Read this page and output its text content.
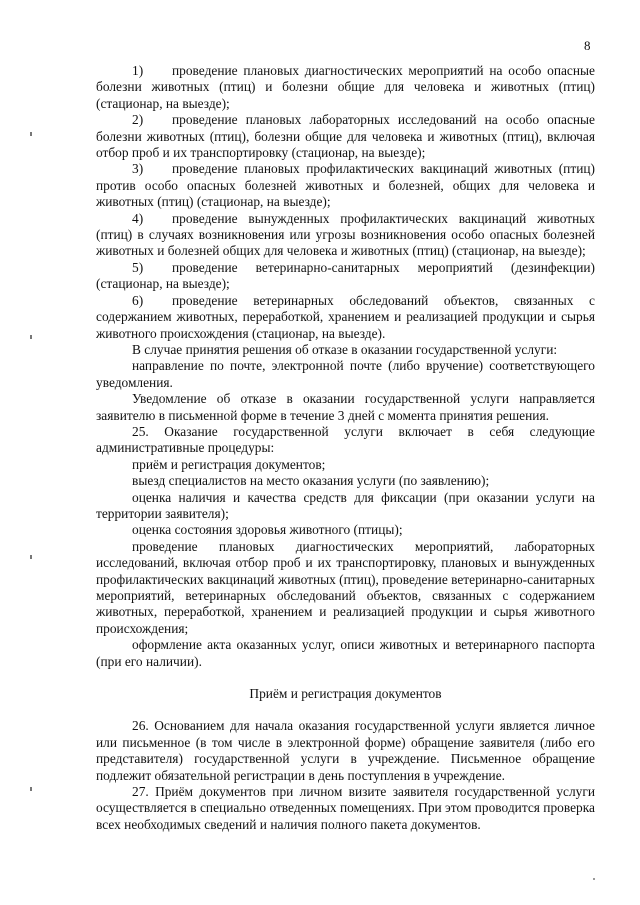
8

1) проведение плановых диагностических мероприятий на особо опасные болезни животных (птиц) и болезни общие для человека и животных (птиц) (стационар, на выезде);

2) проведение плановых лабораторных исследований на особо опасные болезни животных (птиц), болезни общие для человека и животных (птиц), включая отбор проб и их транспортировку (стационар, на выезде);

3) проведение плановых профилактических вакцинаций животных (птиц) против особо опасных болезней животных и болезней, общих для человека и животных (птиц) (стационар, на выезде);

4) проведение вынужденных профилактических вакцинаций животных (птиц) в случаях возникновения или угрозы возникновения особо опасных болезней животных и болезней общих для человека и животных (птиц) (стационар, на выезде);

5) проведение ветеринарно-санитарных мероприятий (дезинфекции) (стационар, на выезде);

6) проведение ветеринарных обследований объектов, связанных с содержанием животных, переработкой, хранением и реализацией продукции и сырья животного происхождения (стационар, на выезде).

В случае принятия решения об отказе в оказании государственной услуги:

направление по почте, электронной почте (либо вручение) соответствующего уведомления.

Уведомление об отказе в оказании государственной услуги направляется заявителю в письменной форме в течение 3 дней с момента принятия решения.

25. Оказание государственной услуги включает в себя следующие административные процедуры:

приём и регистрация документов;

выезд специалистов на место оказания услуги (по заявлению);

оценка наличия и качества средств для фиксации (при оказании услуги на территории заявителя);

оценка состояния здоровья животного (птицы);

проведение плановых диагностических мероприятий, лабораторных исследований, включая отбор проб и их транспортировку, плановых и вынужденных профилактических вакцинаций животных (птиц), проведение ветеринарно-санитарных мероприятий, ветеринарных обследований объектов, связанных с содержанием животных, переработкой, хранением и реализацией продукции и сырья животного происхождения;

оформление акта оказанных услуг, описи животных и ветеринарного паспорта (при его наличии).

Приём и регистрация документов

26. Основанием для начала оказания государственной услуги является личное или письменное (в том числе в электронной форме) обращение заявителя (либо его представителя) государственной услуги в учреждение. Письменное обращение подлежит обязательной регистрации в день поступления в учреждение.

27. Приём документов при личном визите заявителя государственной услуги осуществляется в специально отведенных помещениях. При этом проводится проверка всех необходимых сведений и наличия полного пакета документов.
